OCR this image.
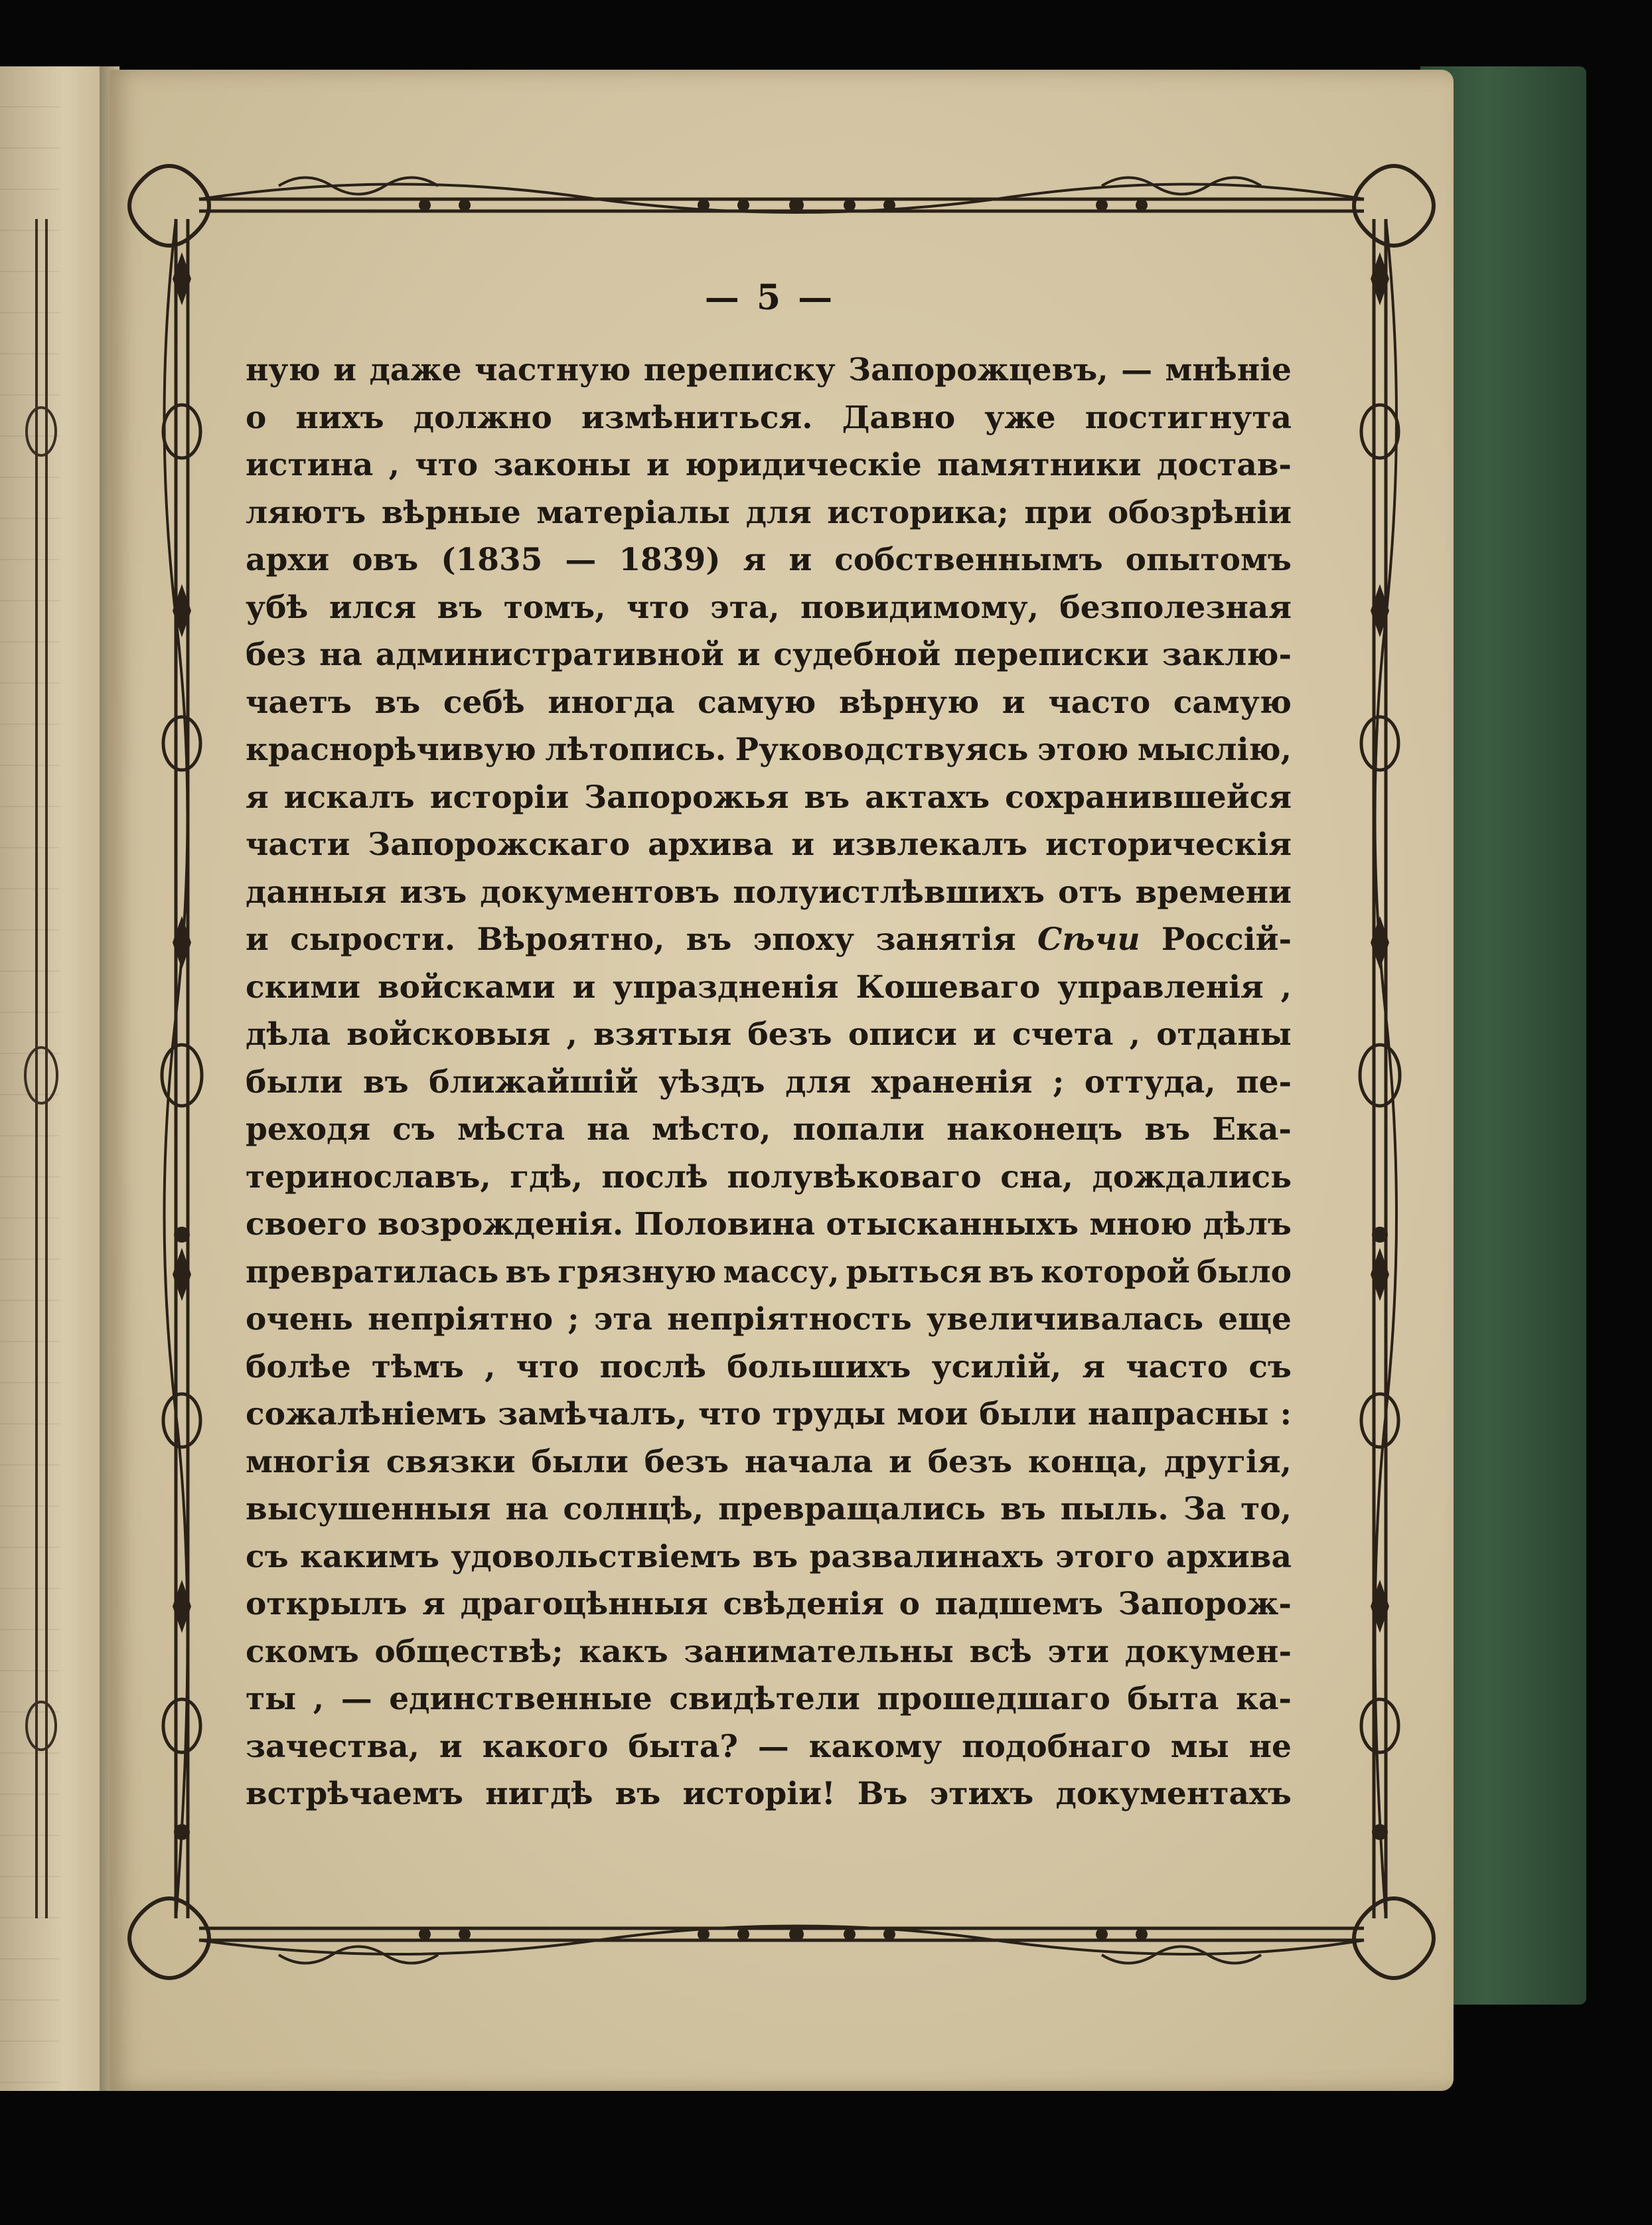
— 5 —
ную и даже частную переписку Запорожцевъ, — мнѣніе
о нихъ должно измѣниться. Давно уже постигнута
истина , что законы и юридическіе памятники достав-
ляютъ вѣрные матеріалы для историка; при обозрѣніи
архи овъ (1835 — 1839) я и собственнымъ опытомъ
убѣ ился въ томъ, что эта, повидимому, безполезная
без на административной и судебной переписки заклю-
чаетъ въ себѣ иногда самую вѣрную и часто самую
краснорѣчивую лѣтопись. Руководствуясь этою мыслію,
я искалъ исторіи Запорожья въ актахъ сохранившейся
части Запорожскаго архива и извлекалъ историческія
данныя изъ документовъ полуистлѣвшихъ отъ времени
и сырости. Вѣроятно, въ эпоху занятія Сѣчи Россій-
скими войсками и упраздненія Кошеваго управленія ,
дѣла войсковыя , взятыя безъ описи и счета , отданы
были въ ближайшій уѣздъ для храненія ; оттуда, пе-
реходя съ мѣста на мѣсто, попали наконецъ въ Ека-
теринославъ, гдѣ, послѣ полувѣковаго сна, дождались
своего возрожденія. Половина отысканныхъ мною дѣлъ
превратилась въ грязную массу, рыться въ которой было
очень непріятно ; эта непріятность увеличивалась еще
болѣе тѣмъ , что послѣ большихъ усилій, я часто съ
сожалѣніемъ замѣчалъ, что труды мои были напрасны :
многія связки были безъ начала и безъ конца, другія,
высушенныя на солнцѣ, превращались въ пыль. За то,
съ какимъ удовольствіемъ въ развалинахъ этого архива
открылъ я драгоцѣнныя свѣденія о падшемъ Запорож-
скомъ обществѣ; какъ занимательны всѣ эти докумен-
ты , — единственные свидѣтели прошедшаго быта ка-
зачества, и какого быта? — какому подобнаго мы не
встрѣчаемъ нигдѣ въ исторіи! Въ этихъ документахъ
